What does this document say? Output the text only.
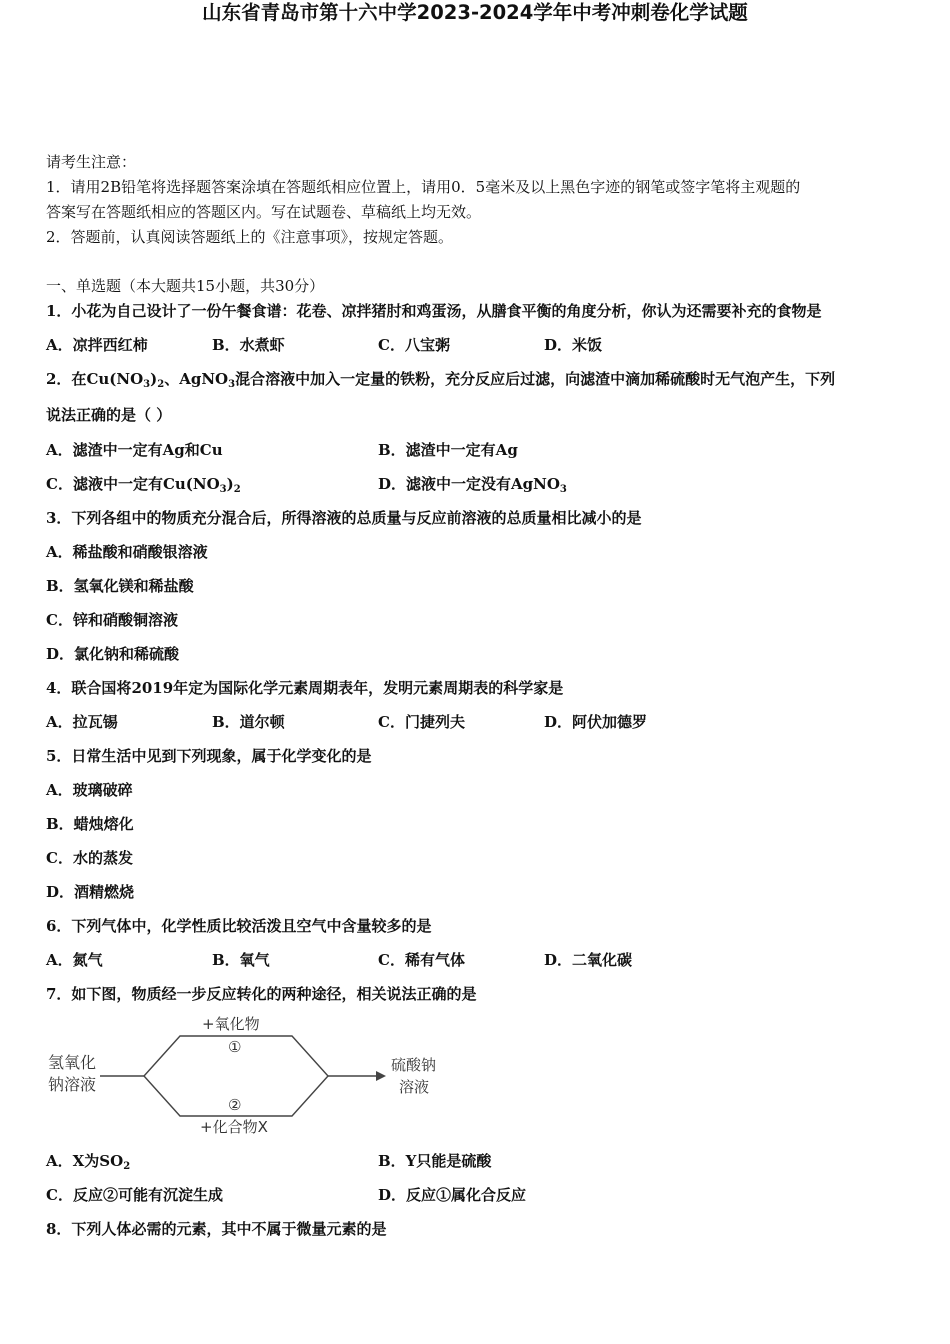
山东省青岛市第十六中学2023-2024学年中考冲刺卷化学试题
请考生注意：
1．请用2B铅笔将选择题答案涂填在答题纸相应位置上，请用0．5毫米及以上黑色字迹的钢笔或签字笔将主观题的
答案写在答题纸相应的答题区内。写在试题卷、草稿纸上均无效。
2．答题前，认真阅读答题纸上的《注意事项》，按规定答题。
一、单选题（本大题共15小题，共30分）
1．小花为自己设计了一份午餐食谱：花卷、凉拌猪肘和鸡蛋汤，从膳食平衡的角度分析，你认为还需要补充的食物是
A．凉拌西红柿	B．水煮虾	C．八宝粥	D．米饭
2．在$Cu(NO_3)_2$、AgNO$_3$混合溶液中加入一定量的铁粉，充分反应后过滤，向滤渣中滴加稀硫酸时无气泡产生，下列
说法正确的是（ ）
A．滤渣中一定有Ag和Cu	B．滤渣中一定有Ag
C．滤液中一定有$Cu(NO_3)_2$	D．滤液中一定没有AgNO$_3$
3．下列各组中的物质充分混合后，所得溶液的总质量与反应前溶液的总质量相比减小的是
A．稀盐酸和硝酸银溶液
B．氢氧化镁和稀盐酸
C．锌和硝酸铜溶液
D．氯化钠和稀硫酸
4．联合国将2019年定为国际化学元素周期表年，发明元素周期表的科学家是
A．拉瓦锡	B．道尔顿	C．门捷列夫	D．阿伏加德罗
5．日常生活中见到下列现象，属于化学变化的是
A．玻璃破碎
B．蜡烛熔化
C．水的蒸发
D．酒精燃烧
6．下列气体中，化学性质比较活泼且空气中含量较多的是
A．氮气	B．氧气	C．稀有气体	D．二氧化碳
7．如下图，物质经一步反应转化的两种途径，相关说法正确的是
氢氧化
钠溶液
+氧化物
①
②
+化合物X
硫酸钠
溶液
A．X为$SO_2$	B．Y只能是硫酸
C．反应②可能有沉淀生成	D．反应①属化合反应
8．下列人体必需的元素，其中不属于微量元素的是
